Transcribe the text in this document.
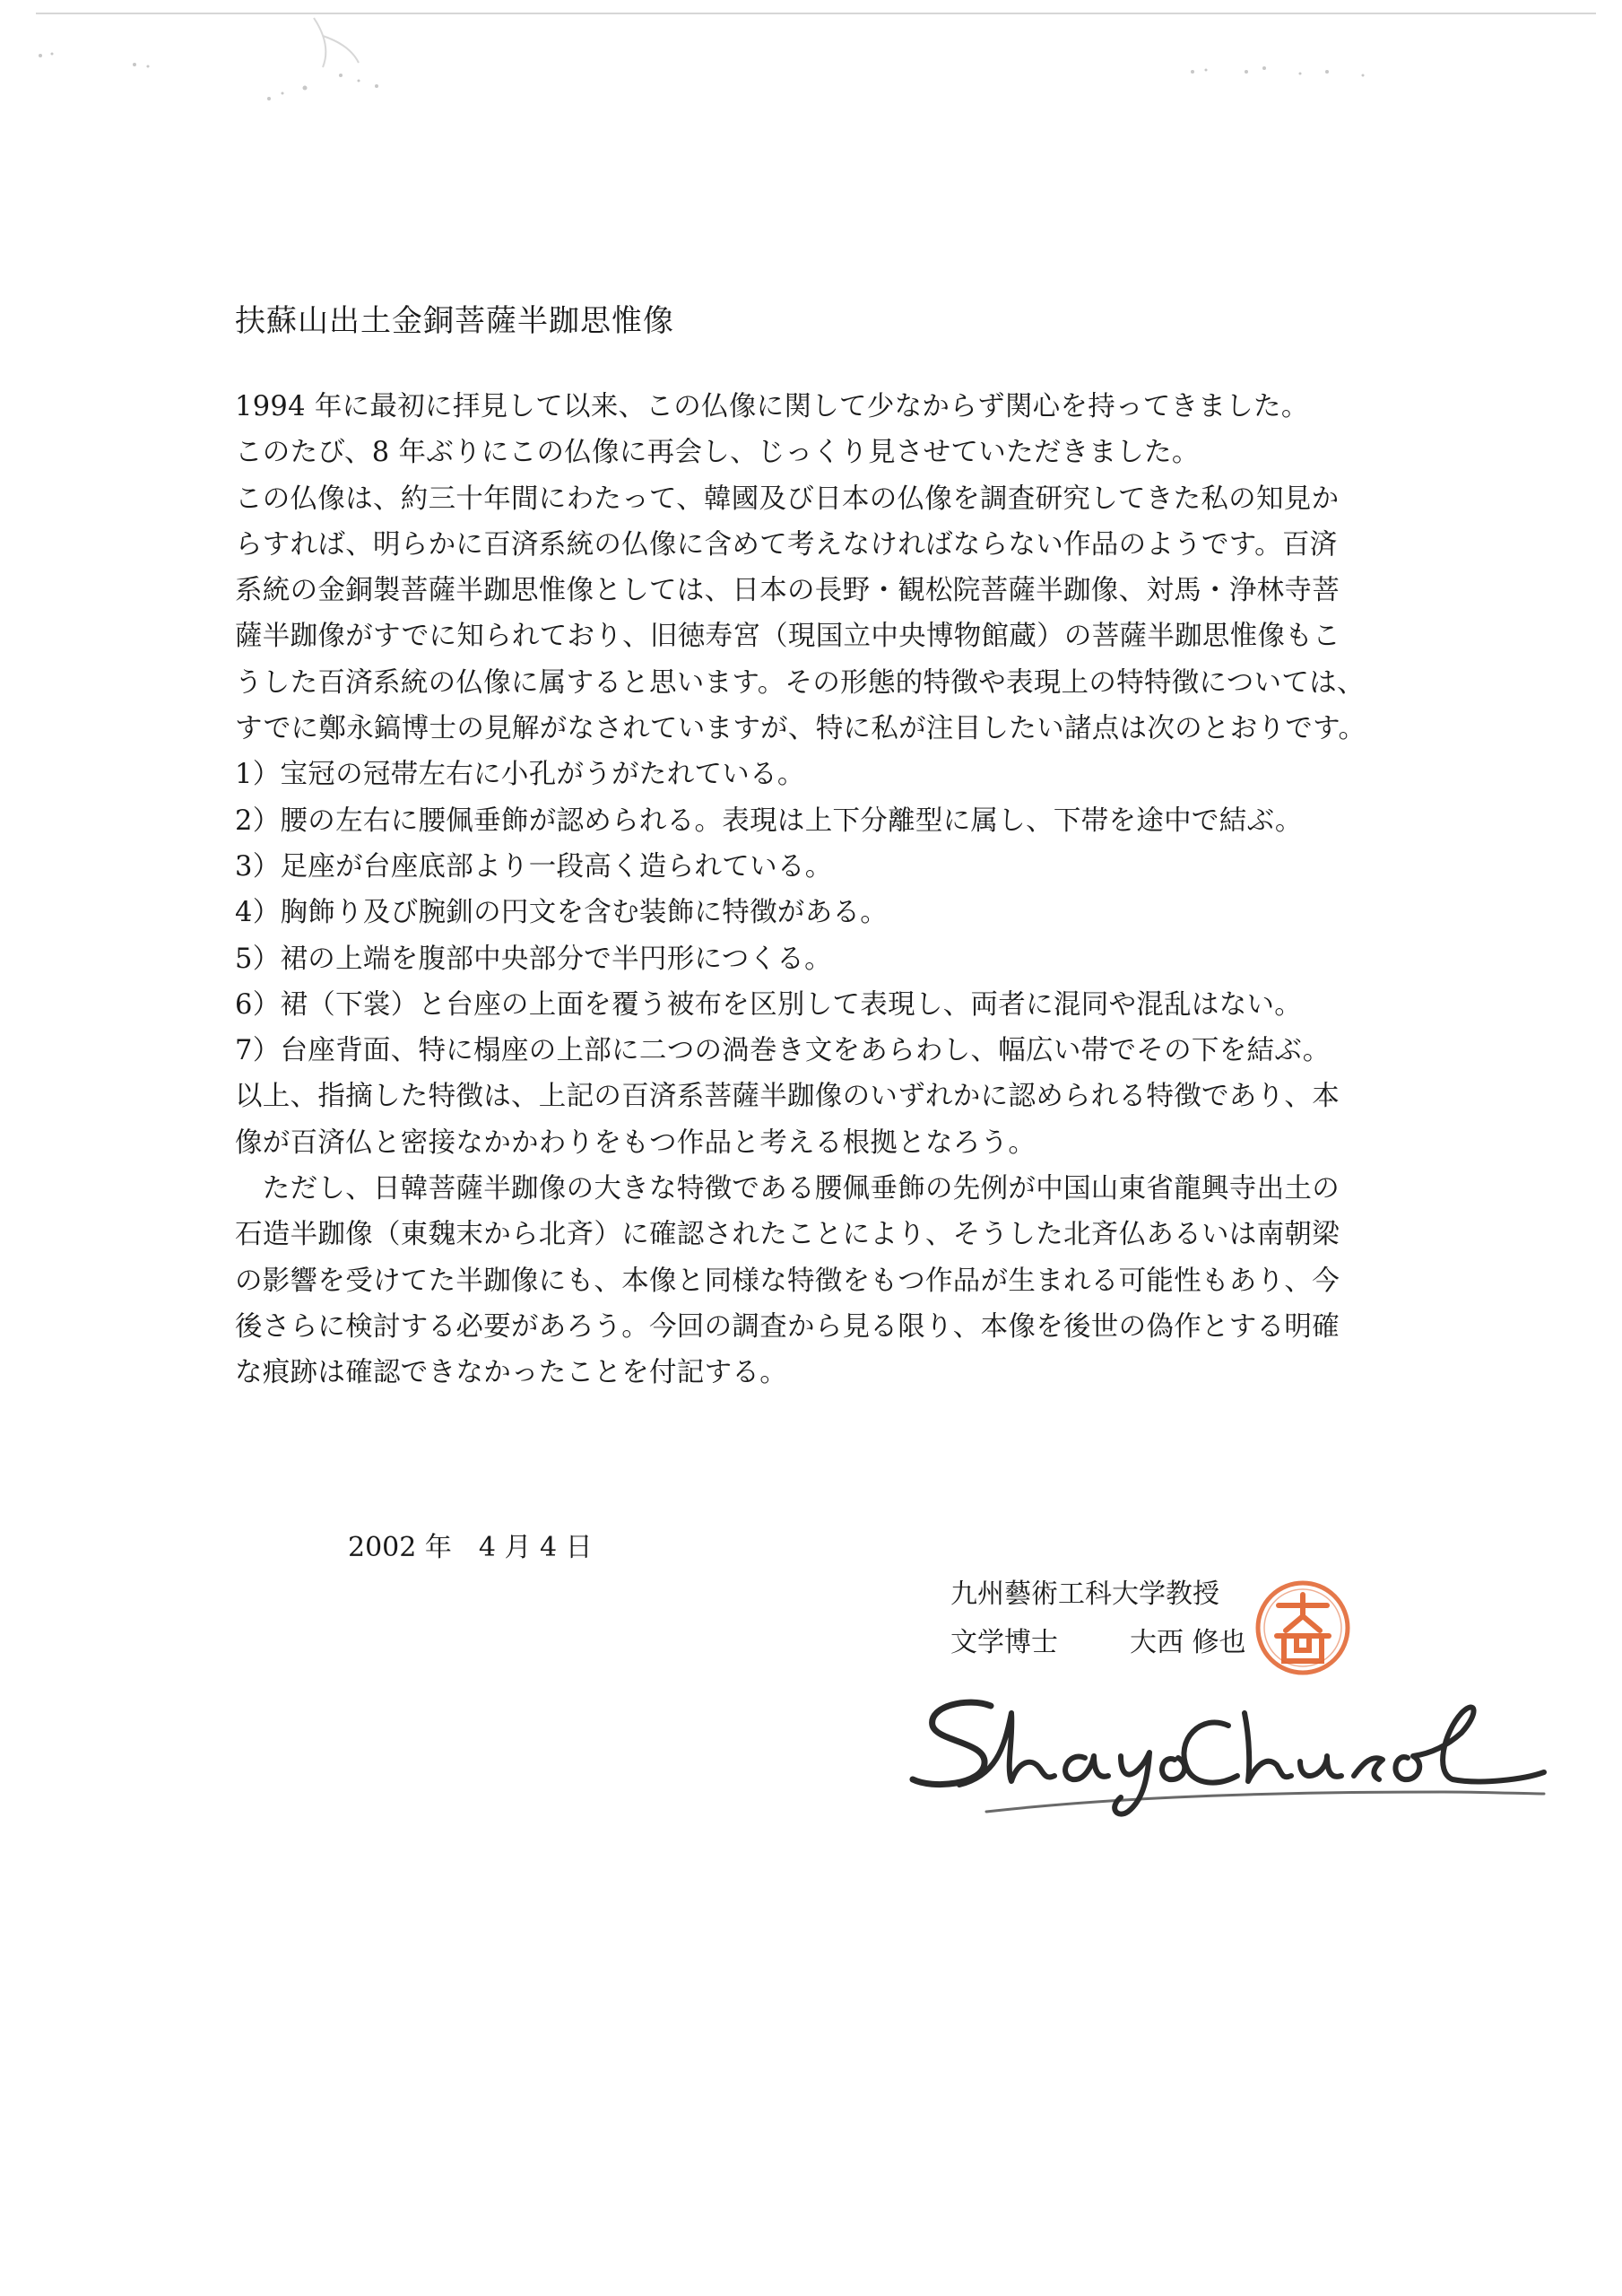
扶蘇山出土金銅菩薩半跏思惟像
1994 年に最初に拝見して以来、この仏像に関して少なからず関心を持ってきました。
このたび、8 年ぶりにこの仏像に再会し、じっくり見させていただきました。
この仏像は、約三十年間にわたって、韓國及び日本の仏像を調査研究してきた私の知見か
らすれば、明らかに百済系統の仏像に含めて考えなければならない作品のようです。百済
系統の金銅製菩薩半跏思惟像としては、日本の長野・観松院菩薩半跏像、対馬・浄林寺菩
薩半跏像がすでに知られており、旧徳寿宮（現国立中央博物館蔵）の菩薩半跏思惟像もこ
うした百済系統の仏像に属すると思います。その形態的特徴や表現上の特特徴については、
すでに鄭永鎬博士の見解がなされていますが、特に私が注目したい諸点は次のとおりです。
1）宝冠の冠帯左右に小孔がうがたれている。
2）腰の左右に腰佩垂飾が認められる。表現は上下分離型に属し、下帯を途中で結ぶ。
3）足座が台座底部より一段高く造られている。
4）胸飾り及び腕釧の円文を含む装飾に特徴がある。
5）裙の上端を腹部中央部分で半円形につくる。
6）裙（下裳）と台座の上面を覆う被布を区別して表現し、両者に混同や混乱はない。
7）台座背面、特に榻座の上部に二つの渦巻き文をあらわし、幅広い帯でその下を結ぶ。
以上、指摘した特徴は、上記の百済系菩薩半跏像のいずれかに認められる特徴であり、本
像が百済仏と密接なかかわりをもつ作品と考える根拠となろう。
　ただし、日韓菩薩半跏像の大きな特徴である腰佩垂飾の先例が中国山東省龍興寺出土の
石造半跏像（東魏末から北斉）に確認されたことにより、そうした北斉仏あるいは南朝梁
の影響を受けてた半跏像にも、本像と同様な特徴をもつ作品が生まれる可能性もあり、今
後さらに検討する必要があろう。今回の調査から見る限り、本像を後世の偽作とする明確
な痕跡は確認できなかったことを付記する。
2002 年　4 月 4 日
九州藝術工科大学教授
文学博士	大西 修也
